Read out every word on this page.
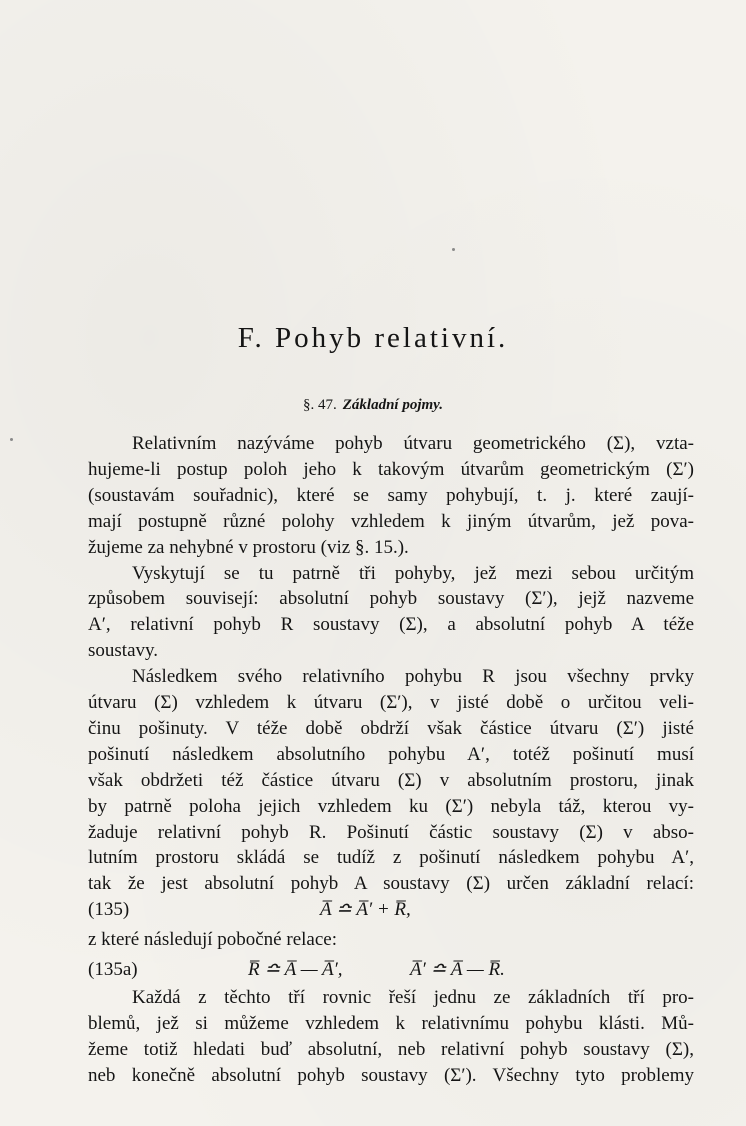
F. Pohyb relativní.
§. 47. Základní pojmy.
Relativním nazýváme pohyb útvaru geometrického (Σ), vzta-
hujeme-li postup poloh jeho k takovým útvarům geometrickým (Σ′)
(soustavám souřadnic), které se samy pohybují, t. j. které zaují-
mají postupně různé polohy vzhledem k jiným útvarům, jež pova-
žujeme za nehybné v prostoru (viz §. 15.).
Vyskytují se tu patrně tři pohyby, jež mezi sebou určitým
způsobem souvisejí: absolutní pohyb soustavy (Σ′), jejž nazveme
A′, relativní pohyb R soustavy (Σ), a absolutní pohyb A téže
soustavy.
Následkem svého relativního pohybu R jsou všechny prvky
útvaru (Σ) vzhledem k útvaru (Σ′), v jisté době o určitou veli-
činu pošinuty. V téže době obdrží však částice útvaru (Σ′) jisté
pošinutí následkem absolutního pohybu A′, totéž pošinutí musí
však obdržeti též částice útvaru (Σ) v absolutním prostoru, jinak
by patrně poloha jejich vzhledem ku (Σ′) nebyla táž, kterou vy-
žaduje relativní pohyb R. Pošinutí částic soustavy (Σ) v abso-
lutním prostoru skládá se tudíž z pošinutí následkem pohybu A′,
tak že jest absolutní pohyb A soustavy (Σ) určen základní relací:
(135)	A̅ ≏ A̅′ + R̅,
z které následují pobočné relace:
(135a)	R̅ ≏ A̅ — A̅′,	A̅′ ≏ A̅ — R̅.
Každá z těchto tří rovnic řeší jednu ze základních tří pro-
blemů, jež si můžeme vzhledem k relativnímu pohybu klásti. Mů-
žeme totiž hledati buď absolutní, neb relativní pohyb soustavy (Σ),
neb konečně absolutní pohyb soustavy (Σ′). Všechny tyto problemy
